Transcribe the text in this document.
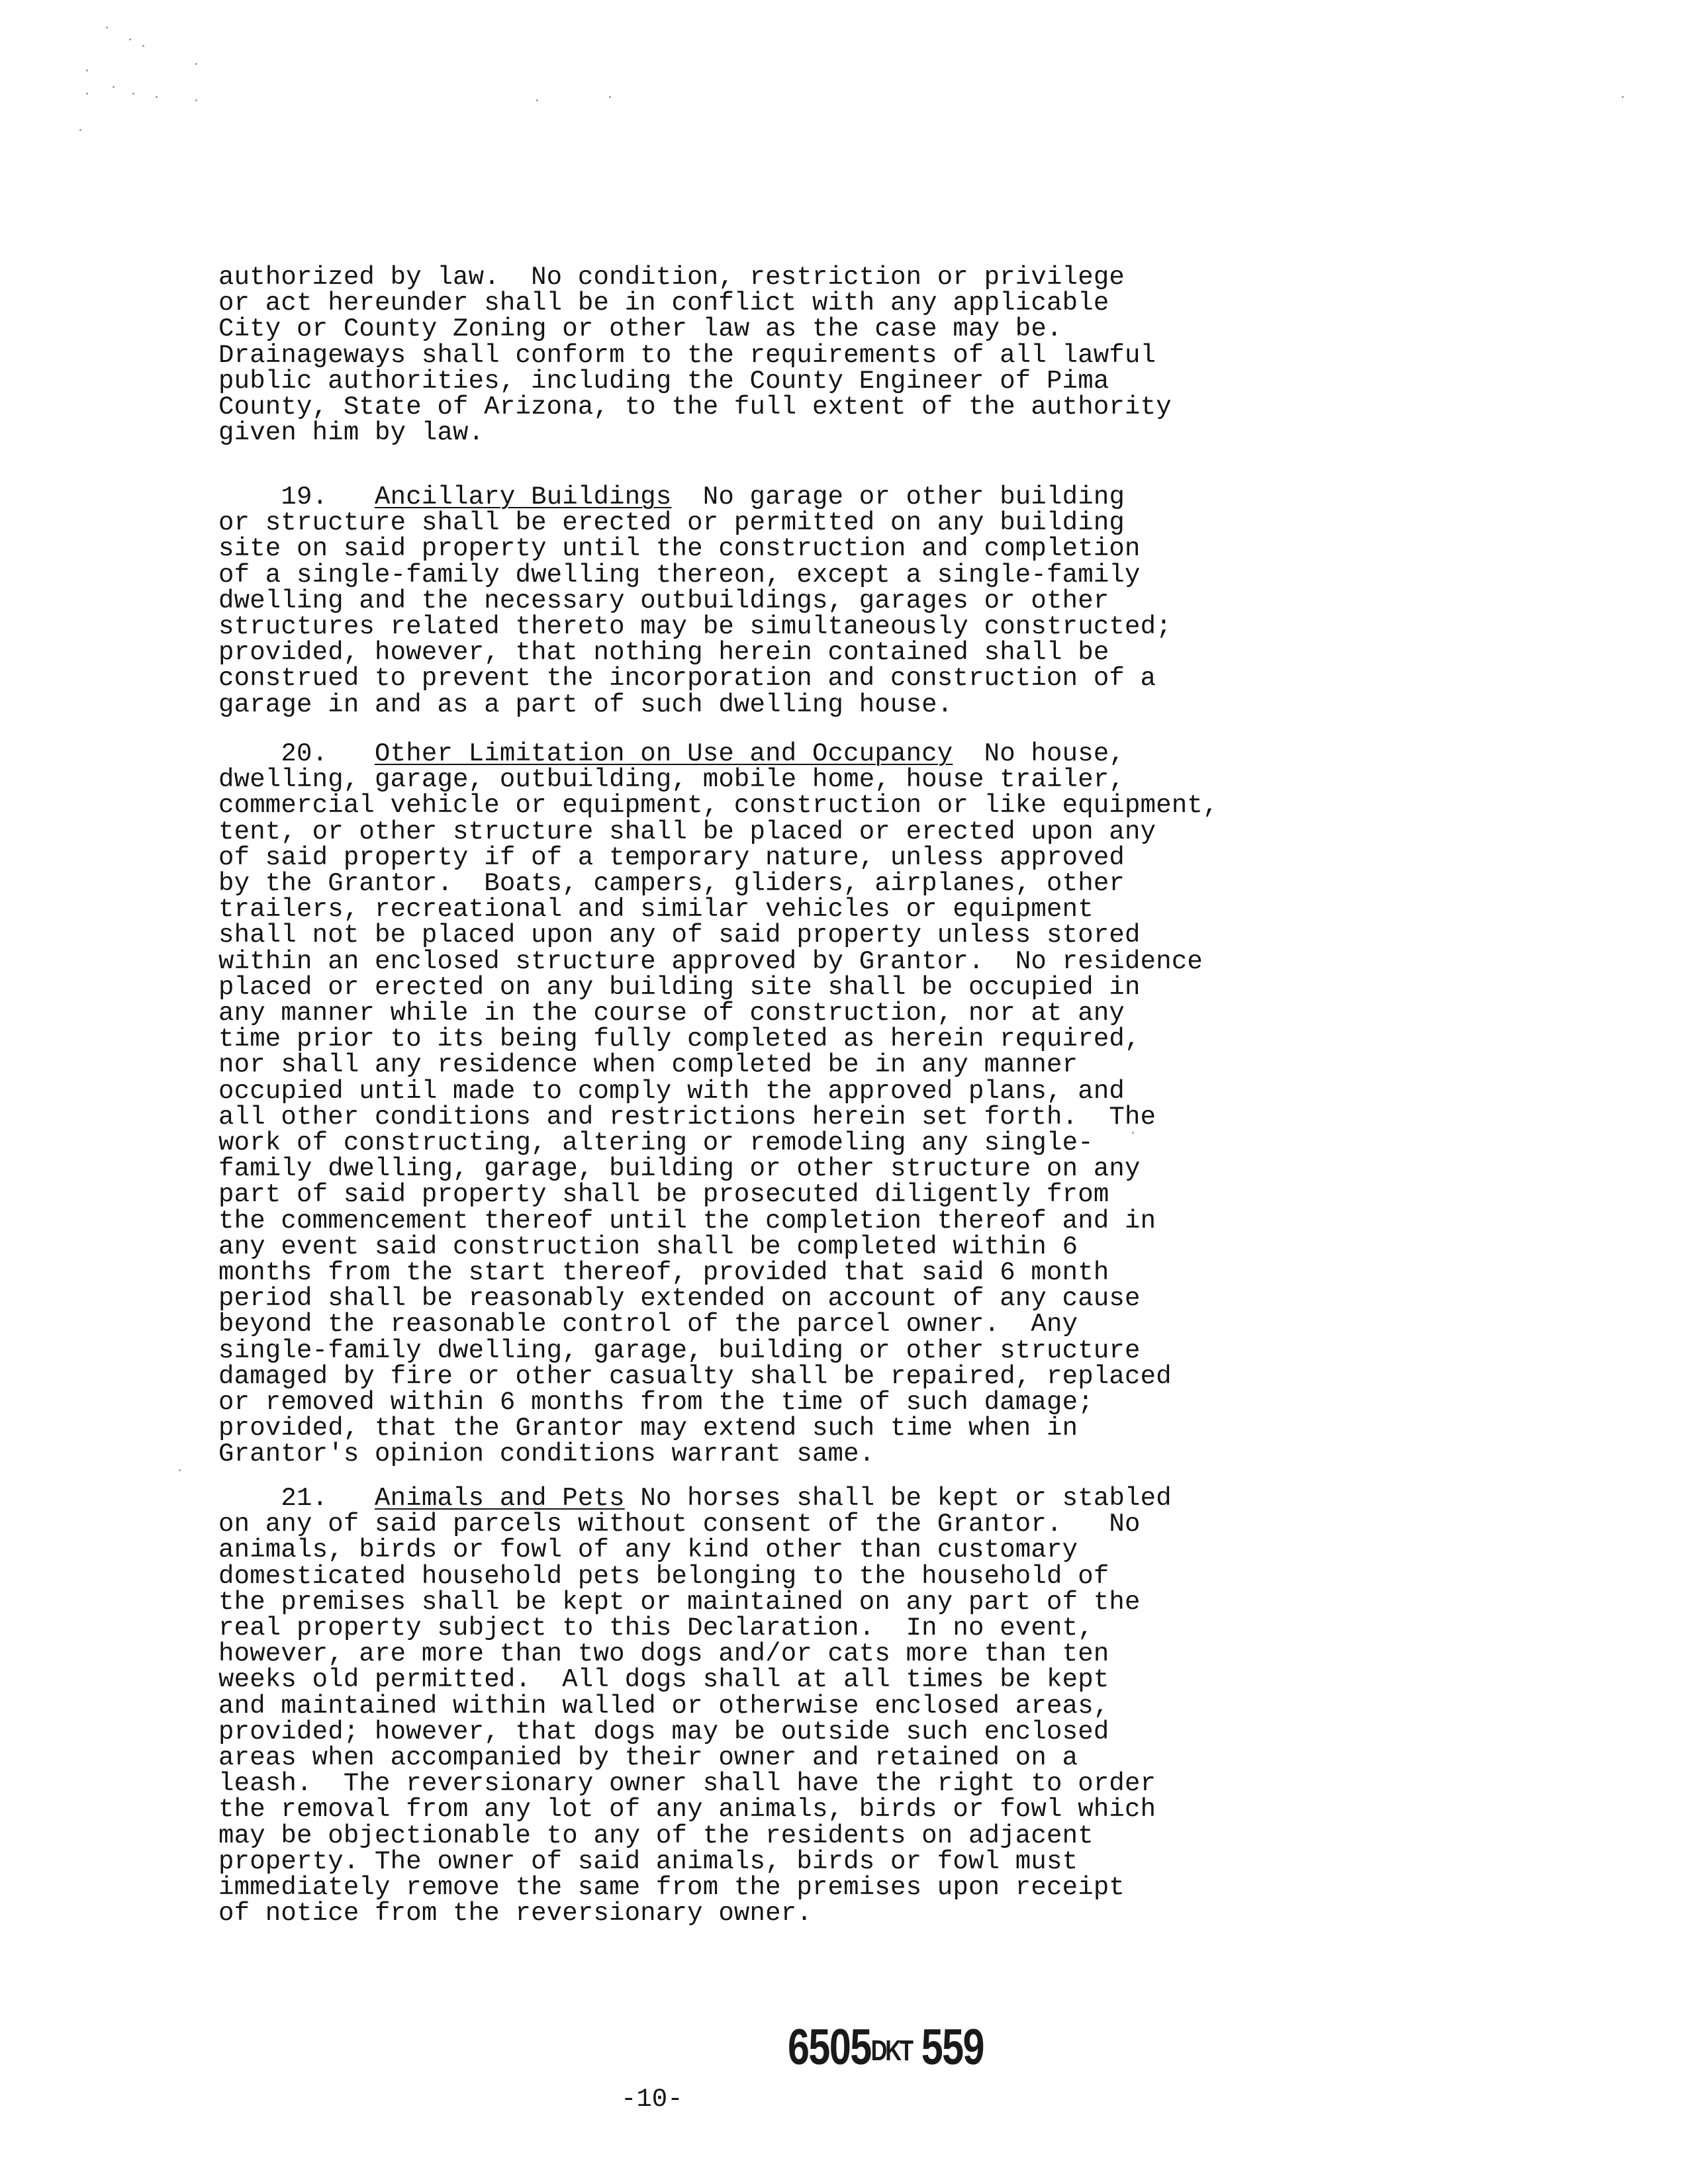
authorized by law.  No condition, restriction or privilege
or act hereunder shall be in conflict with any applicable
City or County Zoning or other law as the case may be.
Drainageways shall conform to the requirements of all lawful
public authorities, including the County Engineer of Pima
County, State of Arizona, to the full extent of the authority
given him by law.
19. Ancillary Buildings No garage or other building
or structure shall be erected or permitted on any building
site on said property until the construction and completion
of a single-family dwelling thereon, except a single-family
dwelling and the necessary outbuildings, garages or other
structures related thereto may be simultaneously constructed;
provided, however, that nothing herein contained shall be
construed to prevent the incorporation and construction of a
garage in and as a part of such dwelling house.
20. Other Limitation on Use and Occupancy No house,
dwelling, garage, outbuilding, mobile home, house trailer,
commercial vehicle or equipment, construction or like equipment,
tent, or other structure shall be placed or erected upon any
of said property if of a temporary nature, unless approved
by the Grantor.  Boats, campers, gliders, airplanes, other
trailers, recreational and similar vehicles or equipment
shall not be placed upon any of said property unless stored
within an enclosed structure approved by Grantor.  No residence
placed or erected on any building site shall be occupied in
any manner while in the course of construction, nor at any
time prior to its being fully completed as herein required,
nor shall any residence when completed be in any manner
occupied until made to comply with the approved plans, and
all other conditions and restrictions herein set forth.  The
work of constructing, altering or remodeling any single-
family dwelling, garage, building or other structure on any
part of said property shall be prosecuted diligently from
the commencement thereof until the completion thereof and in
any event said construction shall be completed within 6
months from the start thereof, provided that said 6 month
period shall be reasonably extended on account of any cause
beyond the reasonable control of the parcel owner.  Any
single-family dwelling, garage, building or other structure
damaged by fire or other casualty shall be repaired, replaced
or removed within 6 months from the time of such damage;
provided, that the Grantor may extend such time when in
Grantor's opinion conditions warrant same.
21. Animals and Pets No horses shall be kept or stabled
on any of said parcels without consent of the Grantor.   No
animals, birds or fowl of any kind other than customary
domesticated household pets belonging to the household of
the premises shall be kept or maintained on any part of the
real property subject to this Declaration.  In no event,
however, are more than two dogs and/or cats more than ten
weeks old permitted.  All dogs shall at all times be kept
and maintained within walled or otherwise enclosed areas,
provided; however, that dogs may be outside such enclosed
areas when accompanied by their owner and retained on a
leash.  The reversionary owner shall have the right to order
the removal from any lot of any animals, birds or fowl which
may be objectionable to any of the residents on adjacent
property. The owner of said animals, birds or fowl must
immediately remove the same from the premises upon receipt
of notice from the reversionary owner.
6505DKT 559
-10-
